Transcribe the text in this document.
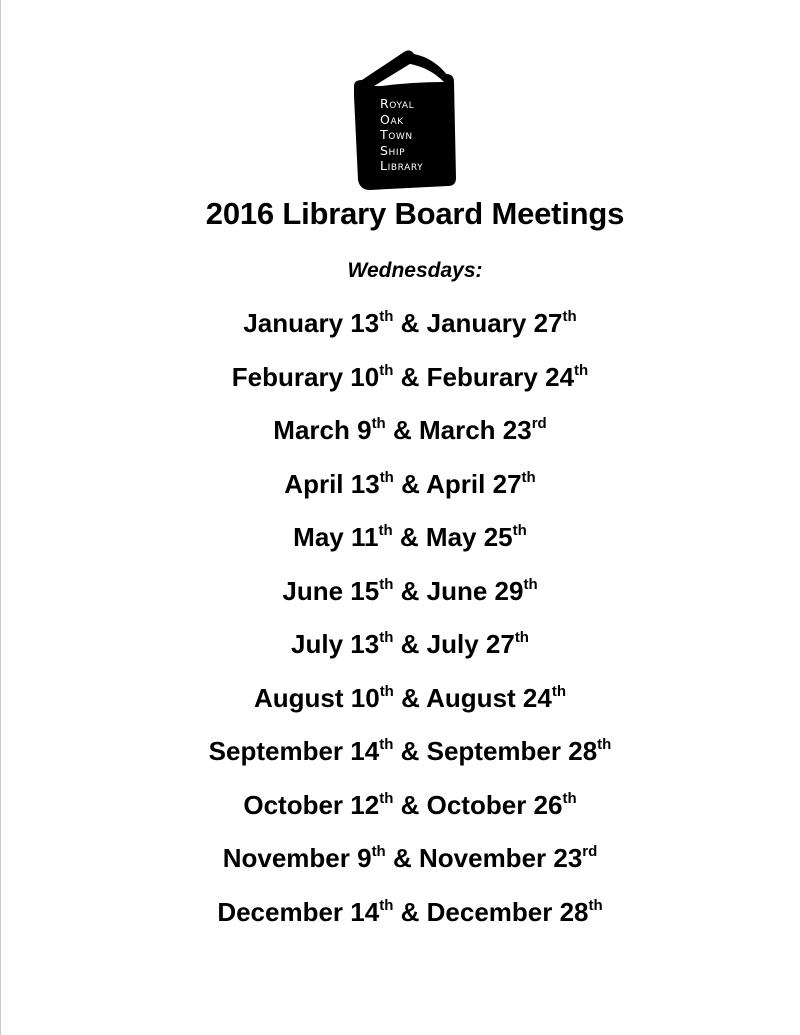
Royal
Oak
Town
Ship
Library
2016 Library Board Meetings
Wednesdays:
January 13th & January 27th
Feburary 10th & Feburary 24th
March 9th & March 23rd
April 13th & April 27th
May 11th & May 25th
June 15th & June 29th
July 13th & July 27th
August 10th & August 24th
September 14th & September 28th
October 12th & October 26th
November 9th & November 23rd
December 14th & December 28th
